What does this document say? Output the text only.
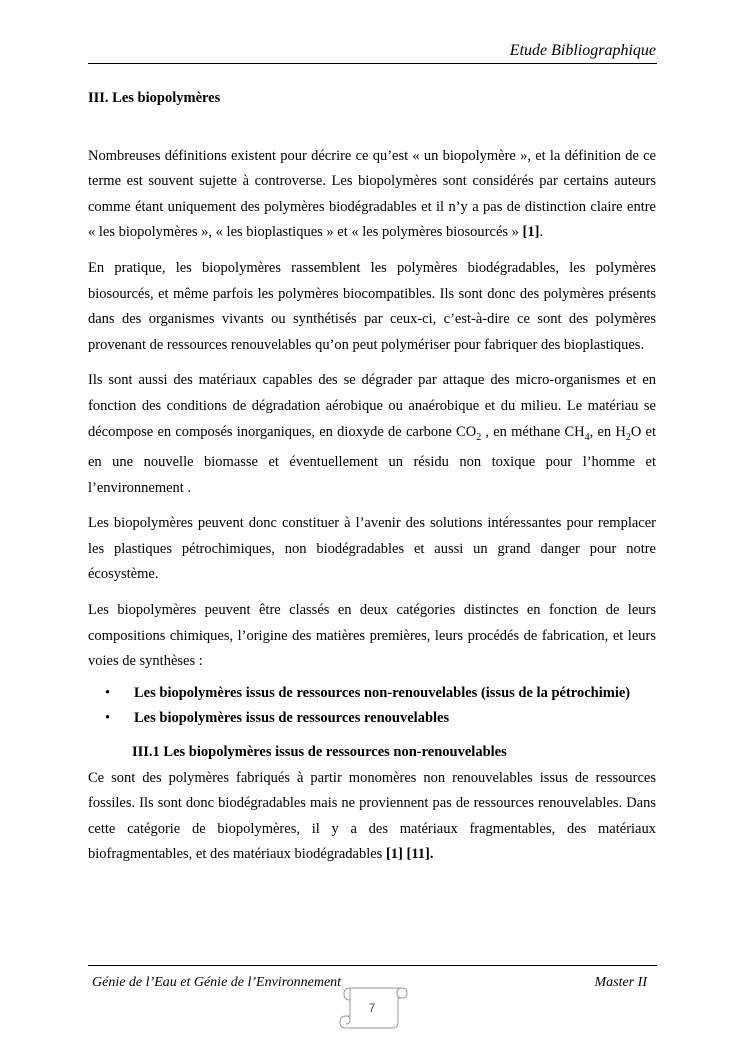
Etude Bibliographique
III. Les biopolymères

Nombreuses définitions existent pour décrire ce qu’est « un biopolymère », et la définition de ce terme est souvent sujette à controverse. Les biopolymères sont considérés par certains auteurs comme étant uniquement des polymères biodégradables et il n’y a pas de distinction claire entre « les biopolymères », « les bioplastiques » et « les polymères biosourcés » [1].

En pratique, les biopolymères rassemblent les polymères biodégradables, les polymères biosourcés, et même parfois les polymères biocompatibles. Ils sont donc des polymères présents dans des organismes vivants ou synthétisés par ceux-ci, c’est-à-dire ce sont des polymères provenant de ressources renouvelables qu’on peut polymériser pour fabriquer des bioplastiques.

Ils sont aussi des matériaux capables des se dégrader par attaque des micro-organismes et en fonction des conditions de dégradation aérobique ou anaérobique et du milieu. Le matériau se décompose en composés inorganiques, en dioxyde de carbone $CO_2$ , en méthane $CH_4$, en $H_2O$ et en une nouvelle biomasse et éventuellement un résidu non toxique pour l’homme et l’environnement .

Les biopolymères peuvent donc constituer à l’avenir des solutions intéressantes pour remplacer les plastiques pétrochimiques, non biodégradables et aussi un grand danger pour notre écosystème.

Les biopolymères peuvent être classés en deux catégories distinctes en fonction de leurs compositions chimiques, l’origine des matières premières, leurs procédés de fabrication, et leurs voies de synthèses :

• Les biopolymères issus de ressources non-renouvelables (issus de la pétrochimie)
• Les biopolymères issus de ressources renouvelables
III.1 Les biopolymères issus de ressources non-renouvelables

Ce sont des polymères fabriqués à partir monomères non renouvelables issus de ressources fossiles. Ils sont donc biodégradables mais ne proviennent pas de ressources renouvelables. Dans cette catégorie de biopolymères, il y a des matériaux fragmentables, des matériaux biofragmentables, et des matériaux biodégradables [1] [11].

Génie de l’Eau et Génie de l’Environnement	Master II
7
